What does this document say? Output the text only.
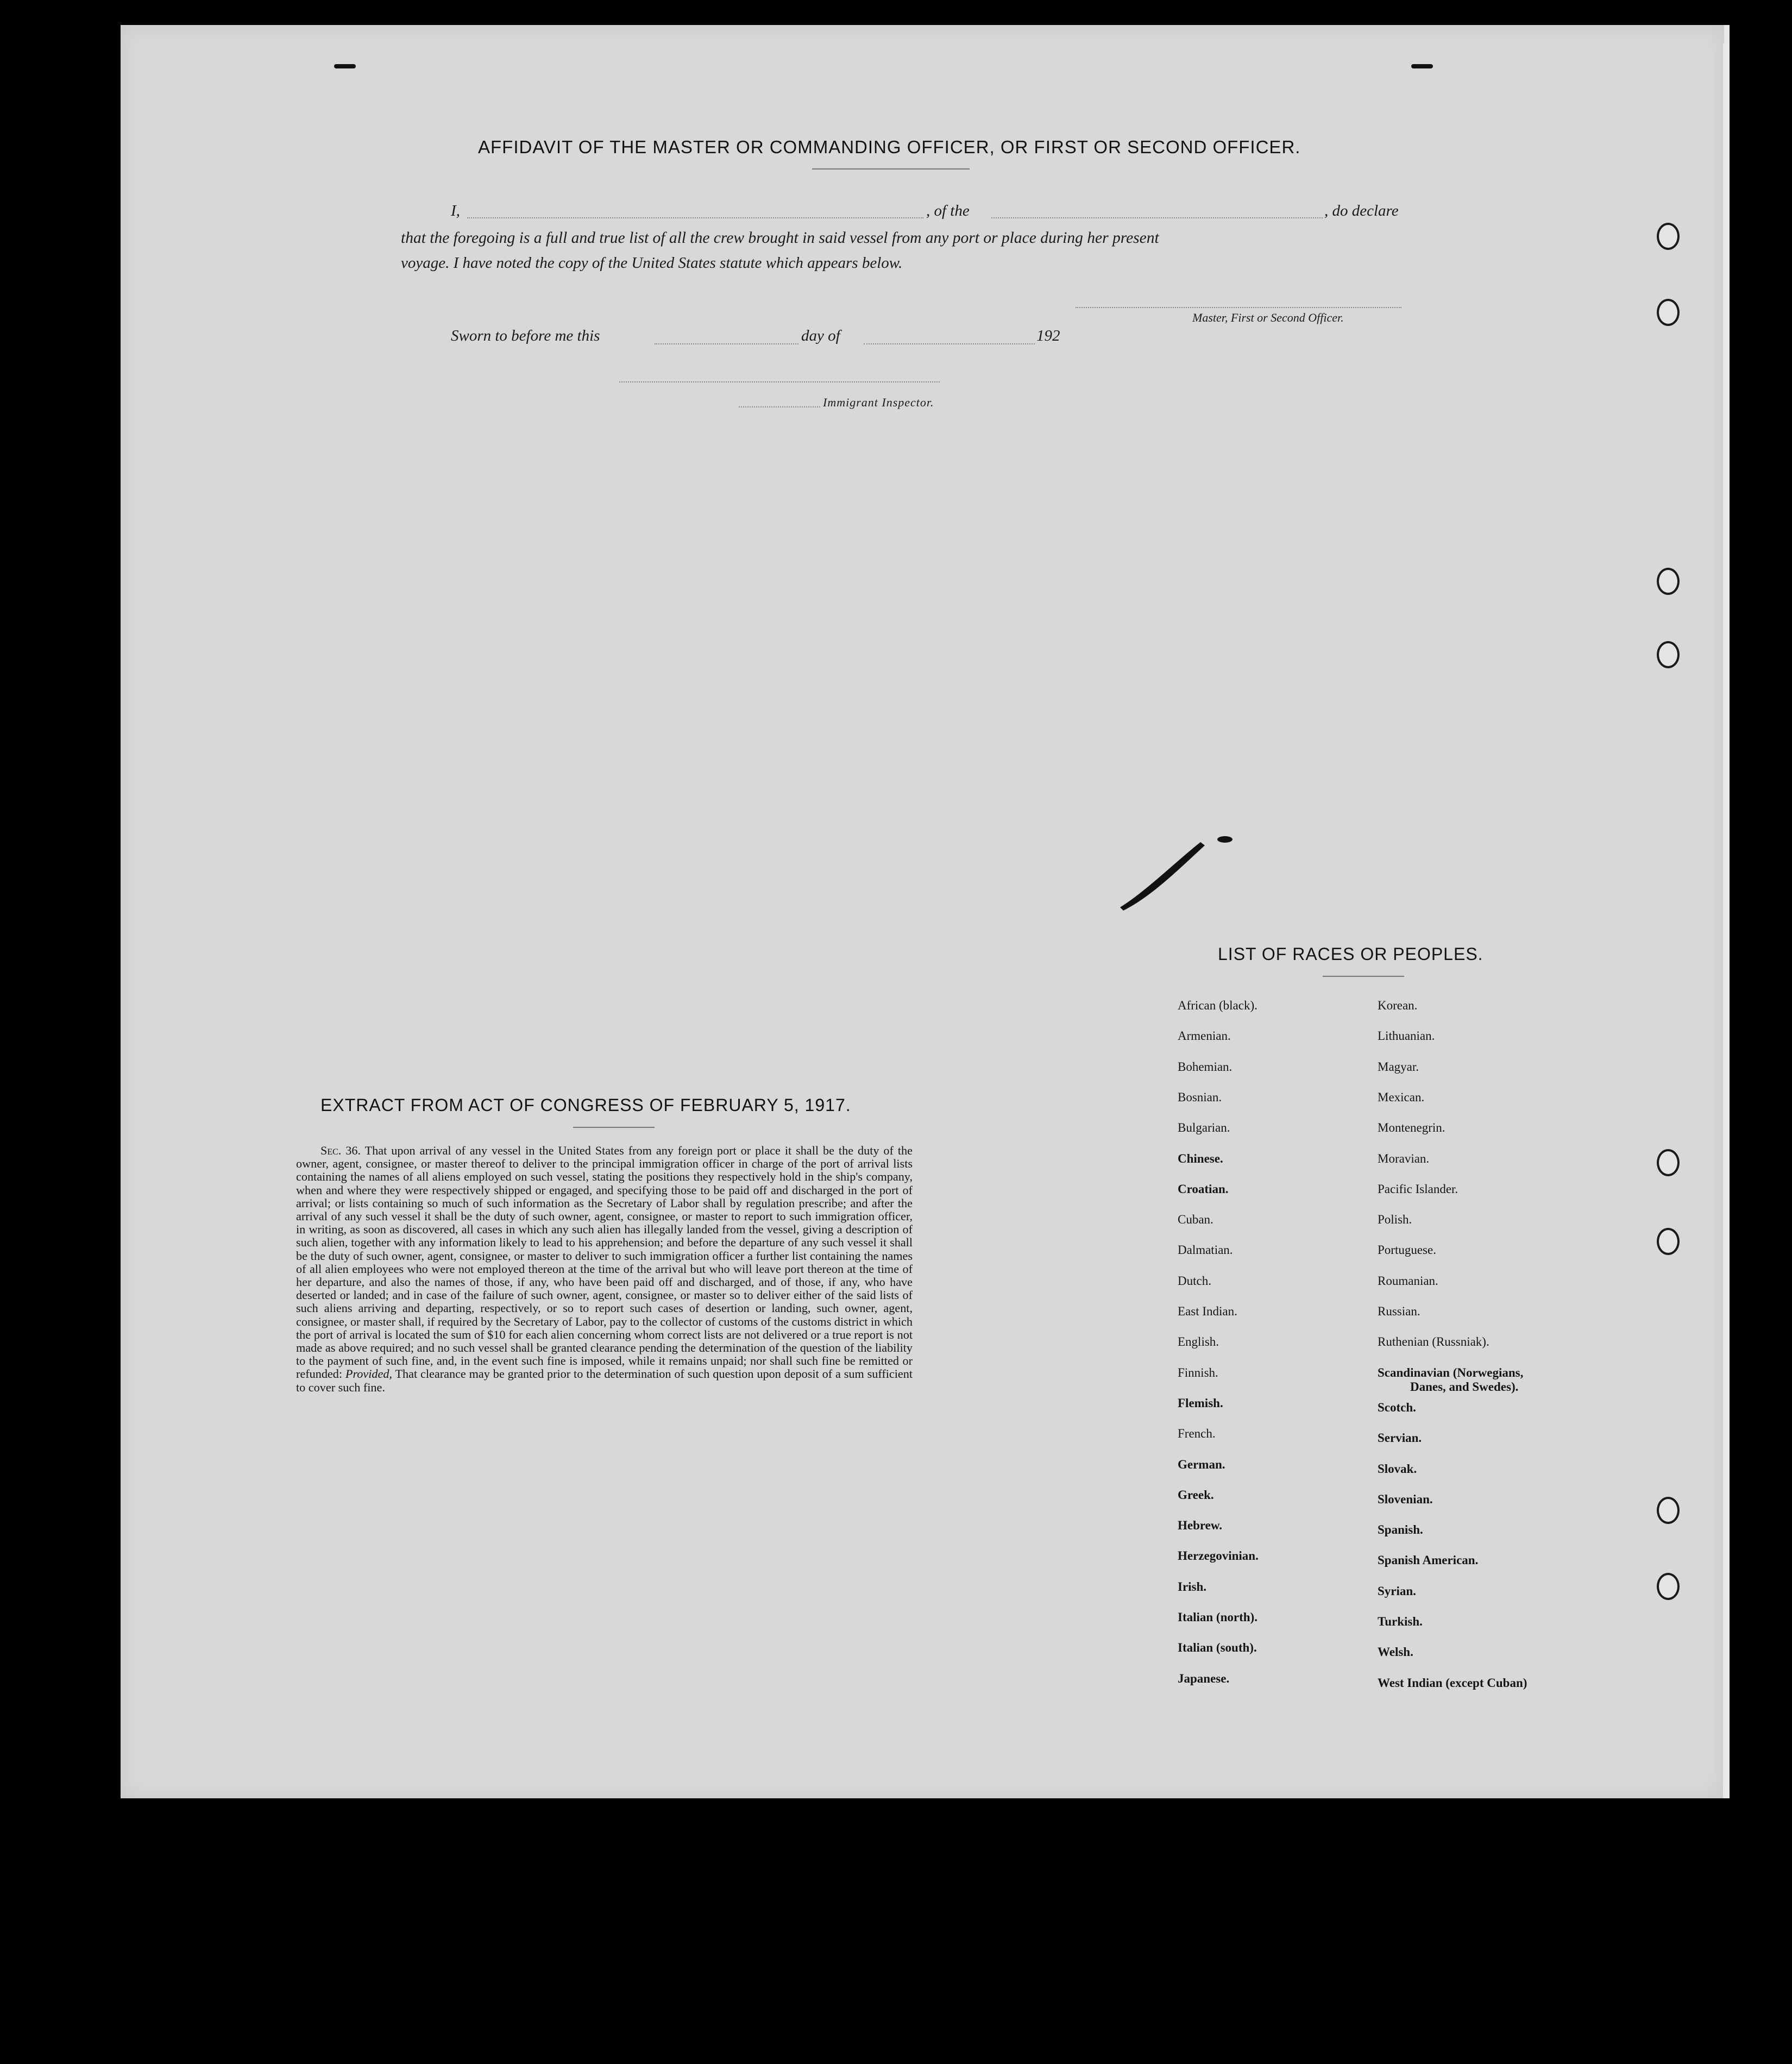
AFFIDAVIT OF THE MASTER OR COMMANDING OFFICER, OR FIRST OR SECOND OFFICER.
I,	, of the	, do declare
that the foregoing is a full and true list of all the crew brought in said vessel from any port or place during her present
voyage. I have noted the copy of the United States statute which appears below.
Master, First or Second Officer.
Sworn to before me this	day of	192
Immigrant Inspector.
EXTRACT FROM ACT OF CONGRESS OF FEBRUARY 5, 1917.
Sec. 36. That upon arrival of any vessel in the United States from any foreign port or place it shall be the duty of the owner, agent, consignee, or master thereof to deliver to the principal immigration officer in charge of the port of arrival lists containing the names of all aliens employed on such vessel, stating the positions they respectively hold in the ship's company, when and where they were respectively shipped or engaged, and specifying those to be paid off and discharged in the port of arrival; or lists containing so much of such information as the Secretary of Labor shall by regulation prescribe; and after the arrival of any such vessel it shall be the duty of such owner, agent, consignee, or master to report to such immigration officer, in writing, as soon as discovered, all cases in which any such alien has illegally landed from the vessel, giving a description of such alien, together with any information likely to lead to his apprehension; and before the departure of any such vessel it shall be the duty of such owner, agent, consignee, or master to deliver to such immigration officer a further list containing the names of all alien employees who were not employed thereon at the time of the arrival but who will leave port thereon at the time of her departure, and also the names of those, if any, who have been paid off and discharged, and of those, if any, who have deserted or landed; and in case of the failure of such owner, agent, consignee, or master so to deliver either of the said lists of such aliens arriving and departing, respectively, or so to report such cases of desertion or landing, such owner, agent, consignee, or master shall, if required by the Secretary of Labor, pay to the collector of customs of the customs district in which the port of arrival is located the sum of $10 for each alien concerning whom correct lists are not delivered or a true report is not made as above required; and no such vessel shall be granted clearance pending the determination of the question of the liability to the payment of such fine, and, in the event such fine is imposed, while it remains unpaid; nor shall such fine be remitted or refunded: Provided, That clearance may be granted prior to the determination of such question upon deposit of a sum sufficient to cover such fine.
LIST OF RACES OR PEOPLES.
African (black).
Armenian.
Bohemian.
Bosnian.
Bulgarian.
Chinese.
Croatian.
Cuban.
Dalmatian.
Dutch.
East Indian.
English.
Finnish.
Flemish.
French.
German.
Greek.
Hebrew.
Herzegovinian.
Irish.
Italian (north).
Italian (south).
Japanese.
Korean.
Lithuanian.
Magyar.
Mexican.
Montenegrin.
Moravian.
Pacific Islander.
Polish.
Portuguese.
Roumanian.
Russian.
Ruthenian (Russniak).
Scandinavian (Norwegians,
Scotch.
Servian.
Slovak.
Slovenian.
Spanish.
Spanish American.
Syrian.
Turkish.
Welsh.
West Indian (except Cuban)
Danes, and Swedes).
